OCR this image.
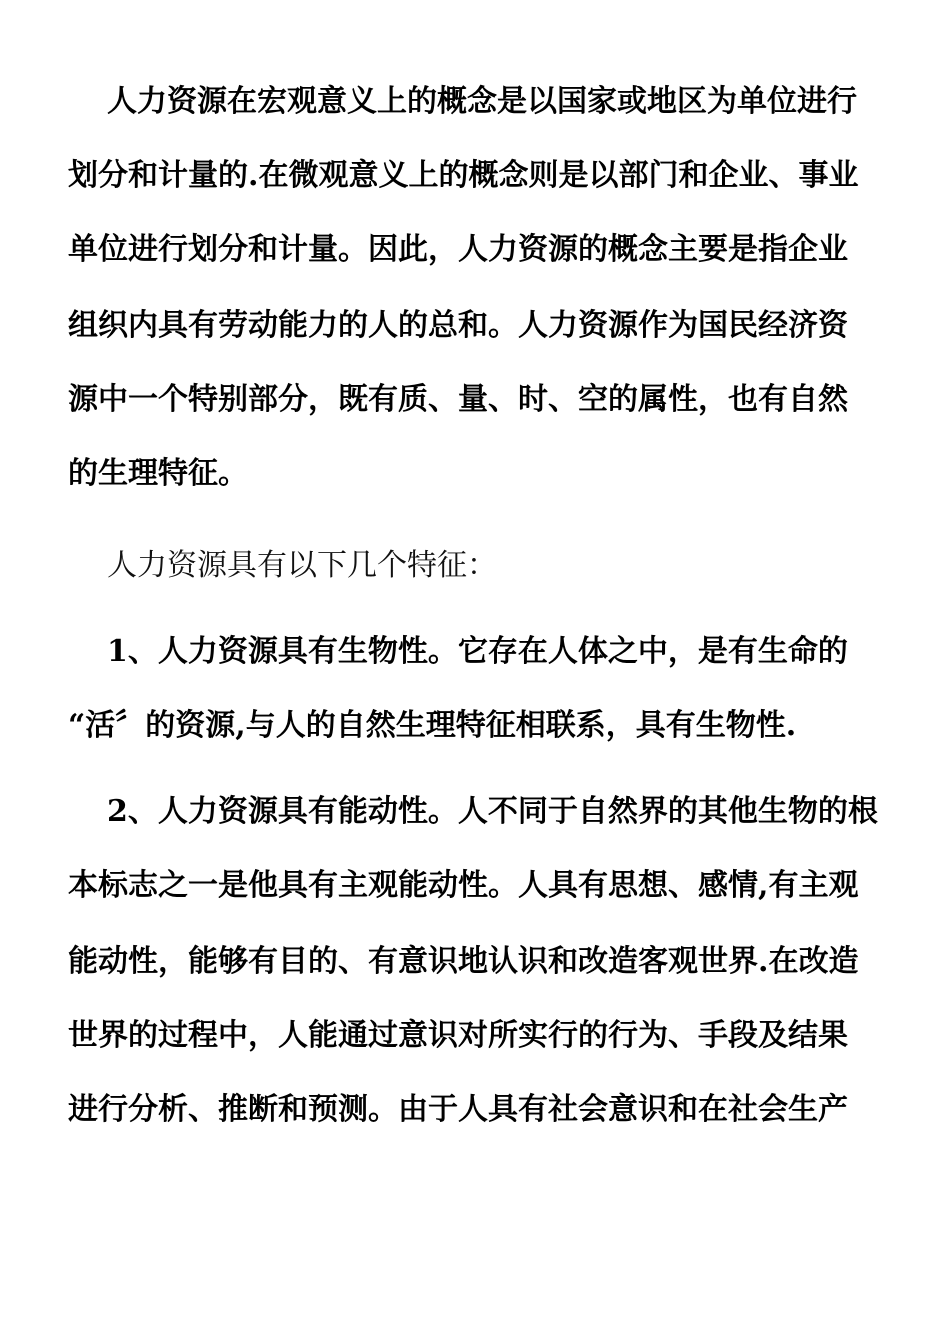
人力资源在宏观意义上的概念是以国家或地区为单位进行
划分和计量的.在微观意义上的概念则是以部门和企业、事业
单位进行划分和计量。因此，人力资源的概念主要是指企业
组织内具有劳动能力的人的总和。人力资源作为国民经济资
源中一个特别部分，既有质、量、时、空的属性，也有自然
的生理特征。
人力资源具有以下几个特征：
1、人力资源具有生物性。它存在人体之中，是有生命的
“活〞的资源,与人的自然生理特征相联系，具有生物性.
2、人力资源具有能动性。人不同于自然界的其他生物的根
本标志之一是他具有主观能动性。人具有思想、感情,有主观
能动性，能够有目的、有意识地认识和改造客观世界.在改造
世界的过程中，人能通过意识对所实行的行为、手段及结果
进行分析、推断和预测。由于人具有社会意识和在社会生产
